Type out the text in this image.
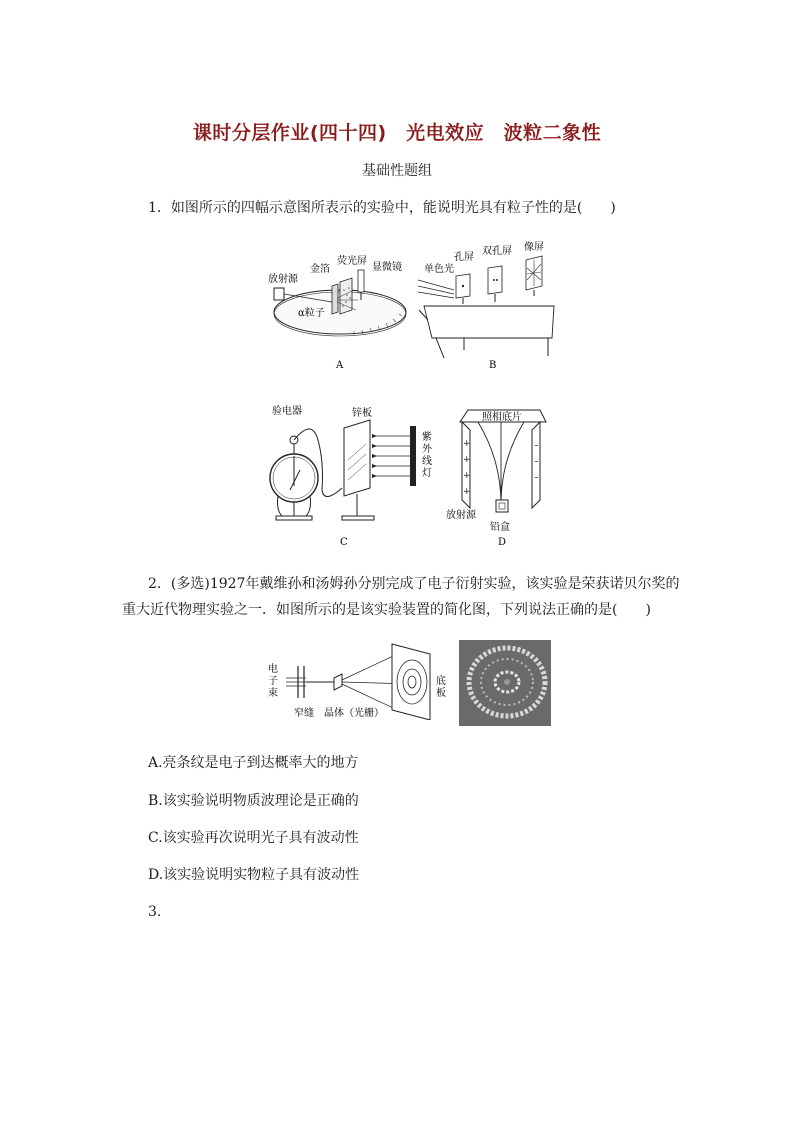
课时分层作业(四十四)　光电效应　波粒二象性
基础性题组
1．如图所示的四幅示意图所表示的实验中，能说明光具有粒子性的是(　　)
放射源
金箔
荧光屏
显微镜
α粒子
A
单色光
孔屏
双孔屏 像屏
B
验电器	锌板
紫
外
线
灯
C
+
+
+
+
–
–
–
照相底片
放射源
铅盒
D
2．(多选)1927年戴维孙和汤姆孙分别完成了电子衍射实验，该实验是荣获诺贝尔奖的
重大近代物理实验之一．如图所示的是该实验装置的简化图，下列说法正确的是(　　)
电
子
束
窄缝 晶体（光栅）
底
板
A.亮条纹是电子到达概率大的地方
B.该实验说明物质波理论是正确的
C.该实验再次说明光子具有波动性
D.该实验说明实物粒子具有波动性
3.
